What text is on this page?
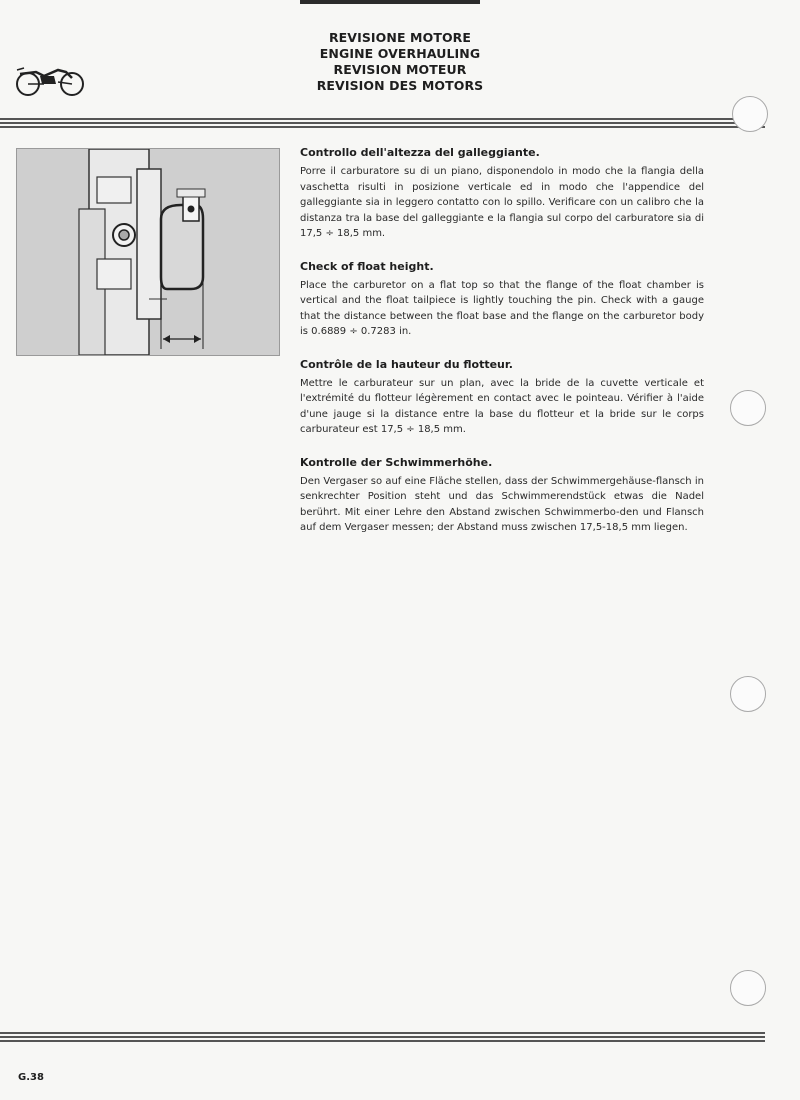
REVISIONE MOTORE
ENGINE OVERHAULING
REVISION MOTEUR
REVISION DES MOTORS
Controllo dell'altezza del galleggiante.

Porre il carburatore su di un piano, disponendolo in modo che la flangia della vaschetta risulti in posizione verticale ed in modo che l'appendice del galleggiante sia in leggero contatto con lo spillo. Verificare con un calibro che la distanza tra la base del galleggiante e la flangia sul corpo del carburatore sia di 17,5 ÷ 18,5 mm.

Check of float height.

Place the carburetor on a flat top so that the flange of the float chamber is vertical and the float tailpiece is lightly touching the pin. Check with a gauge that the distance between the float base and the flange on the carburetor body is 0.6889 ÷ 0.7283 in.

Contrôle de la hauteur du flotteur.

Mettre le carburateur sur un plan, avec la bride de la cuvette verticale et l'extrémité du flotteur légèrement en contact avec le pointeau. Vérifier à l'aide d'une jauge si la distance entre la base du flotteur et la bride sur le corps carburateur est 17,5 ÷ 18,5 mm.

Kontrolle der Schwimmerhöhe.

Den Vergaser so auf eine Fläche stellen, dass der Schwimmergehäuse-flansch in senkrechter Position steht und das Schwimmerendstück etwas die Nadel berührt. Mit einer Lehre den Abstand zwischen Schwimmerbo-den und Flansch auf dem Vergaser messen; der Abstand muss zwischen 17,5-18,5 mm liegen.

G.38
